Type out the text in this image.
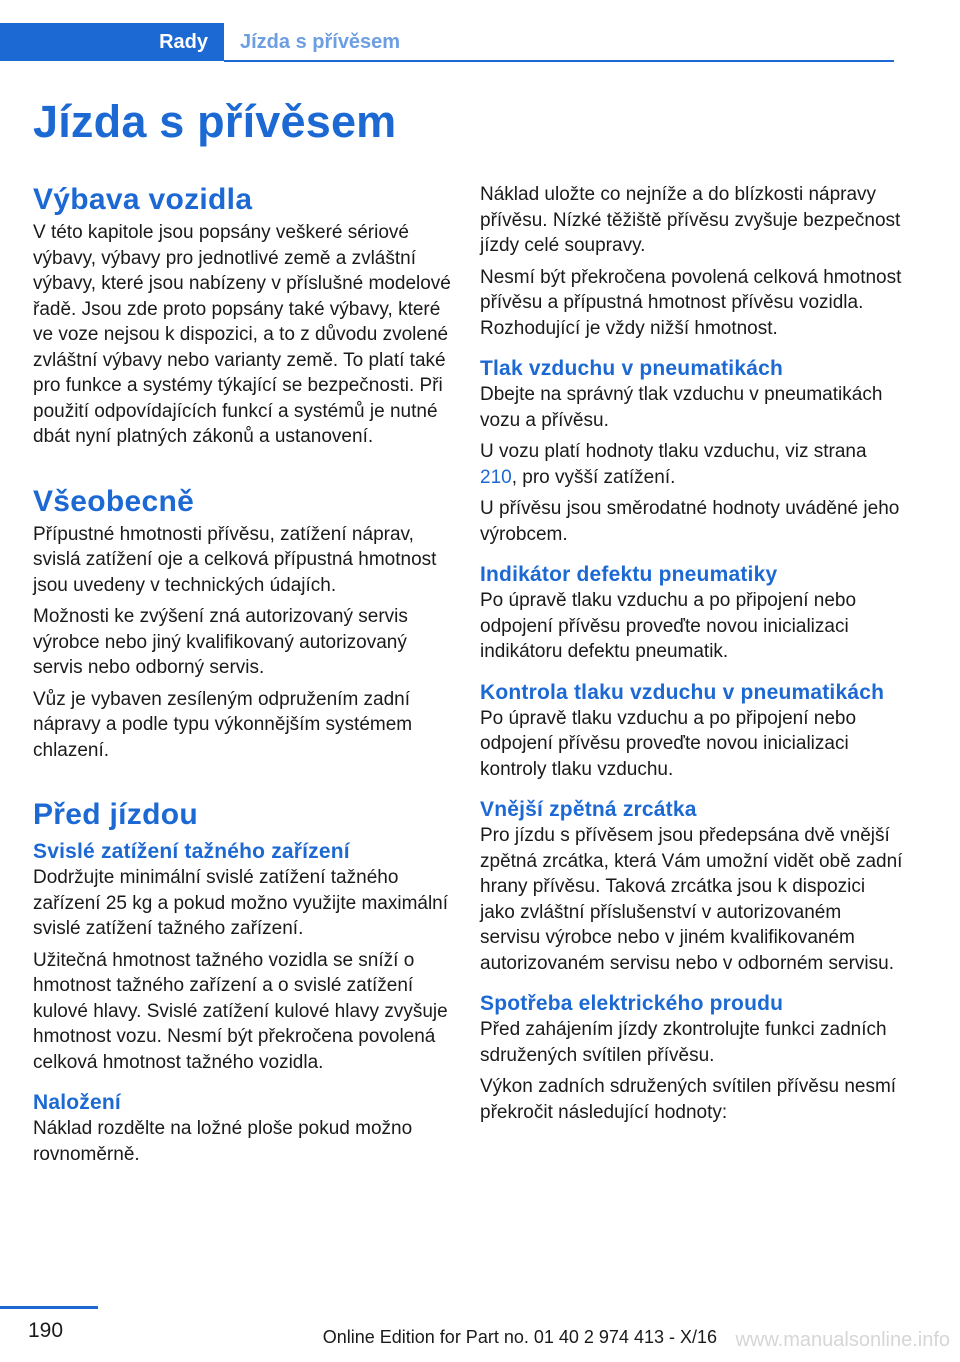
Rady Jízda s přívěsem
Jízda s přívěsem
Výbava vozidla

V této kapitole jsou popsány veškeré sériové výbavy, výbavy pro jednotlivé země a zvláštní výbavy, které jsou nabízeny v příslušné modelové řadě. Jsou zde proto popsány také výbavy, které ve voze nejsou k dispozici, a to z důvodu zvolené zvláštní výbavy nebo varianty země. To platí také pro funkce a systémy týkající se bezpečnosti. Při použití odpovídajících funkcí a systémů je nutné dbát nyní platných zákonů a ustanovení.

Všeobecně

Přípustné hmotnosti přívěsu, zatížení náprav, svislá zatížení oje a celková přípustná hmotnost jsou uvedeny v technických údajích.

Možnosti ke zvýšení zná autorizovaný servis výrobce nebo jiný kvalifikovaný autorizovaný servis nebo odborný servis.

Vůz je vybaven zesíleným odpružením zadní nápravy a podle typu výkonnějším systémem chlazení.

Před jízdou
Svislé zatížení tažného zařízení

Dodržujte minimální svislé zatížení tažného zařízení 25 kg a pokud možno využijte maximální svislé zatížení tažného zařízení.

Užitečná hmotnost tažného vozidla se sníží o hmotnost tažného zařízení a o svislé zatížení kulové hlavy. Svislé zatížení kulové hlavy zvyšuje hmotnost vozu. Nesmí být překročena povolená celková hmotnost tažného vozidla.

Naložení

Náklad rozdělte na ložné ploše pokud možno rovnoměrně.

Náklad uložte co nejníže a do blízkosti nápravy přívěsu. Nízké těžiště přívěsu zvyšuje bezpečnost jízdy celé soupravy.

Nesmí být překročena povolená celková hmotnost přívěsu a přípustná hmotnost přívěsu vozidla. Rozhodující je vždy nižší hmotnost.

Tlak vzduchu v pneumatikách

Dbejte na správný tlak vzduchu v pneumatikách vozu a přívěsu.

U vozu platí hodnoty tlaku vzduchu, viz strana 210, pro vyšší zatížení.

U přívěsu jsou směrodatné hodnoty uváděné jeho výrobcem.

Indikátor defektu pneumatiky

Po úpravě tlaku vzduchu a po připojení nebo odpojení přívěsu proveďte novou inicializaci indikátoru defektu pneumatik.

Kontrola tlaku vzduchu v pneumatikách

Po úpravě tlaku vzduchu a po připojení nebo odpojení přívěsu proveďte novou inicializaci kontroly tlaku vzduchu.

Vnější zpětná zrcátka

Pro jízdu s přívěsem jsou předepsána dvě vnější zpětná zrcátka, která Vám umožní vidět obě zadní hrany přívěsu. Taková zrcátka jsou k dispozici jako zvláštní příslušenství v autorizovaném servisu výrobce nebo v jiném kvalifikovaném autorizovaném servisu nebo v odborném servisu.

Spotřeba elektrického proudu

Před zahájením jízdy zkontrolujte funkci zadních sdružených svítilen přívěsu.

Výkon zadních sdružených svítilen přívěsu nesmí překročit následující hodnoty:

190	Online Edition for Part no. 01 40 2 974 413 - X/16 www.manualsonline.info
